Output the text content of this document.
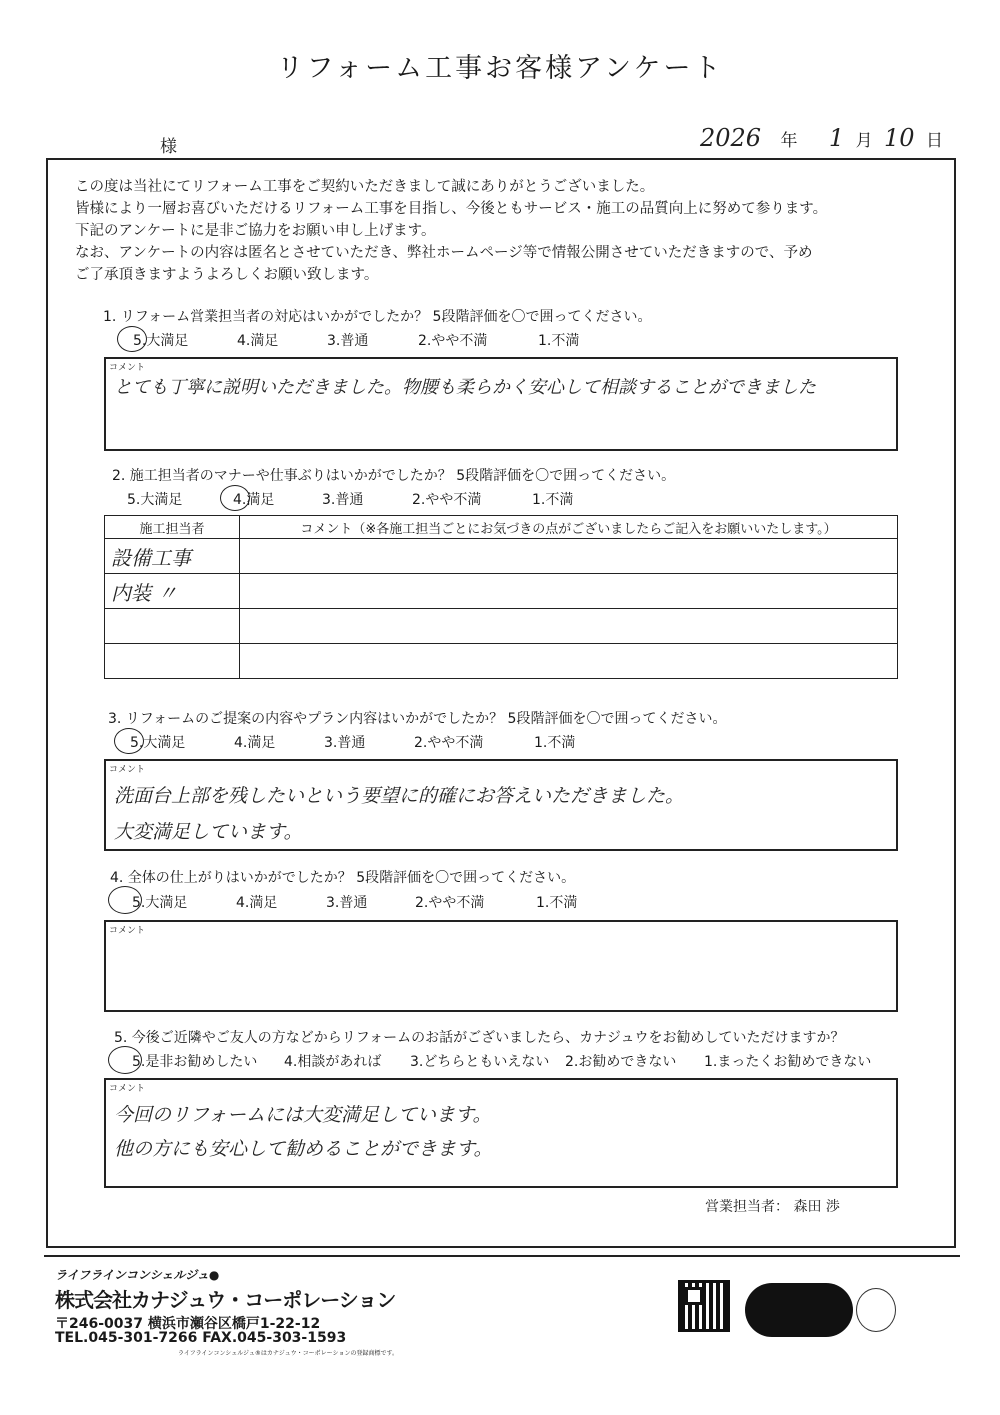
リフォーム工事お客様アンケート
様	2026 年 1 月 10 日
この度は当社にてリフォーム工事をご契約いただきまして誠にありがとうございました。
皆様により一層お喜びいただけるリフォーム工事を目指し、今後ともサービス・施工の品質向上に努めて参ります。
下記のアンケートに是非ご協力をお願い申し上げます。
なお、アンケートの内容は匿名とさせていただき、弊社ホームページ等で情報公開させていただきますので、予め
ご了承頂きますようよろしくお願い致します。
1. リフォーム営業担当者の対応はいかがでしたか？ 5段階評価を〇で囲ってください。
5.大満足	4.満足	3.普通	2.やや不満	1.不満
コメント
とても丁寧に説明いただきました。物腰も柔らかく安心して相談することができました
2. 施工担当者のマナーや仕事ぶりはいかがでしたか？ 5段階評価を〇で囲ってください。
5.大満足	4.満足	3.普通	2.やや不満	1.不満
施工担当者	コメント（※各施工担当ごとにお気づきの点がございましたらご記入をお願いいたします。）
設備工事	
内装 〃	

3. リフォームのご提案の内容やプラン内容はいかがでしたか？ 5段階評価を〇で囲ってください。
5.大満足	4.満足	3.普通	2.やや不満	1.不満
コメント
洗面台上部を残したいという要望に的確にお答えいただきました。
大変満足しています。
4. 全体の仕上がりはいかがでしたか？ 5段階評価を〇で囲ってください。
5.大満足	4.満足	3.普通	2.やや不満	1.不満
コメント
5. 今後ご近隣やご友人の方などからリフォームのお話がございましたら、カナジュウをお勧めしていただけますか？
5.是非お勧めしたい 4.相談があれば 3.どちらともいえない 2.お勧めできない 1.まったくお勧めできない
コメント
今回のリフォームには大変満足しています。
他の方にも安心して勧めることができます。
営業担当者： 森田 渉
ライフラインコンシェルジュ●
株式会社カナジュウ・コーポレーション
〒246-0037 横浜市瀬谷区橋戸1-22-12
TEL.045-301-7266 FAX.045-303-1593
ライフラインコンシェルジュ®はカナジュウ・コーポレーションの登録商標です。
